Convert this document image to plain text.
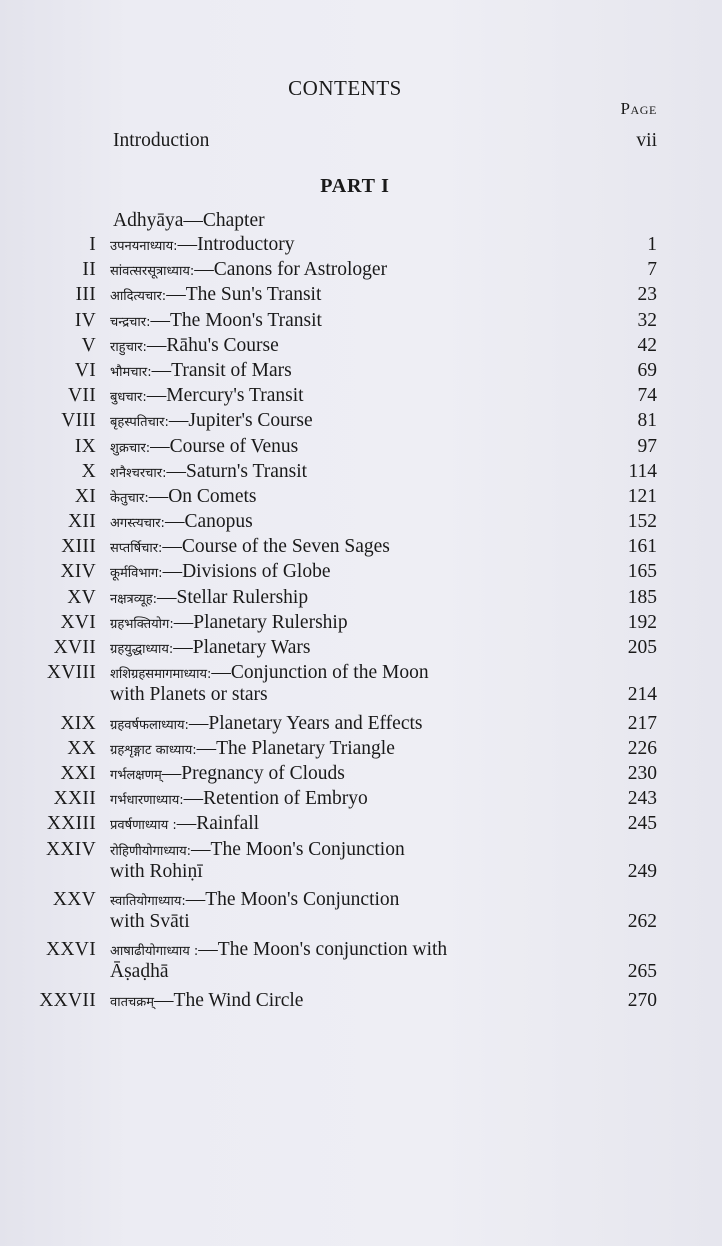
CONTENTS
Page
Introduction	vii
PART I
Adhyāya—Chapter
I उपनयनाध्याय:—Introductory	1
II सांवत्सरसूत्राध्याय:—Canons for Astrologer	7
III आदित्यचार:—The Sun's Transit	23
IV चन्द्रचार:—The Moon's Transit	32
V राहुचार:—Rāhu's Course	42
VI भौमचार:—Transit of Mars	69
VII बुधचार:—Mercury's Transit	74
VIII बृहस्पतिचार:—Jupiter's Course	81
IX शुक्रचार:—Course of Venus	97
X शनैश्चरचार:—Saturn's Transit	114
XI केतुचार:—On Comets	121
XII अगस्त्यचार:—Canopus	152
XIII सप्तर्षिचार:—Course of the Seven Sages	161
XIV कूर्मविभाग:—Divisions of Globe	165
XV नक्षत्रव्यूह:—Stellar Rulership	185
XVI ग्रहभक्तियोग:—Planetary Rulership	192
XVII ग्रहयुद्धाध्याय:—Planetary Wars	205
XVIII शशिग्रहसमागमाध्याय:—Conjunction of the Moon
with Planets or stars	214
XIX ग्रहवर्षफलाध्याय:—Planetary Years and Effects	217
XX ग्रहशृङ्गाट काध्याय:—The Planetary Triangle	226
XXI गर्भलक्षणम्—Pregnancy of Clouds	230
XXII गर्भधारणाध्याय:—Retention of Embryo	243
XXIII प्रवर्षणाध्याय :—Rainfall	245
XXIV रोहिणीयोगाध्याय:—The Moon's Conjunction
with Rohiṇī	249
XXV स्वातियोगाध्याय:—The Moon's Conjunction
with Svāti	262
XXVI आषाढीयोगाध्याय :—The Moon's conjunction with
Āṣaḍhā	265
XXVII वातचक्रम्—The Wind Circle	270
